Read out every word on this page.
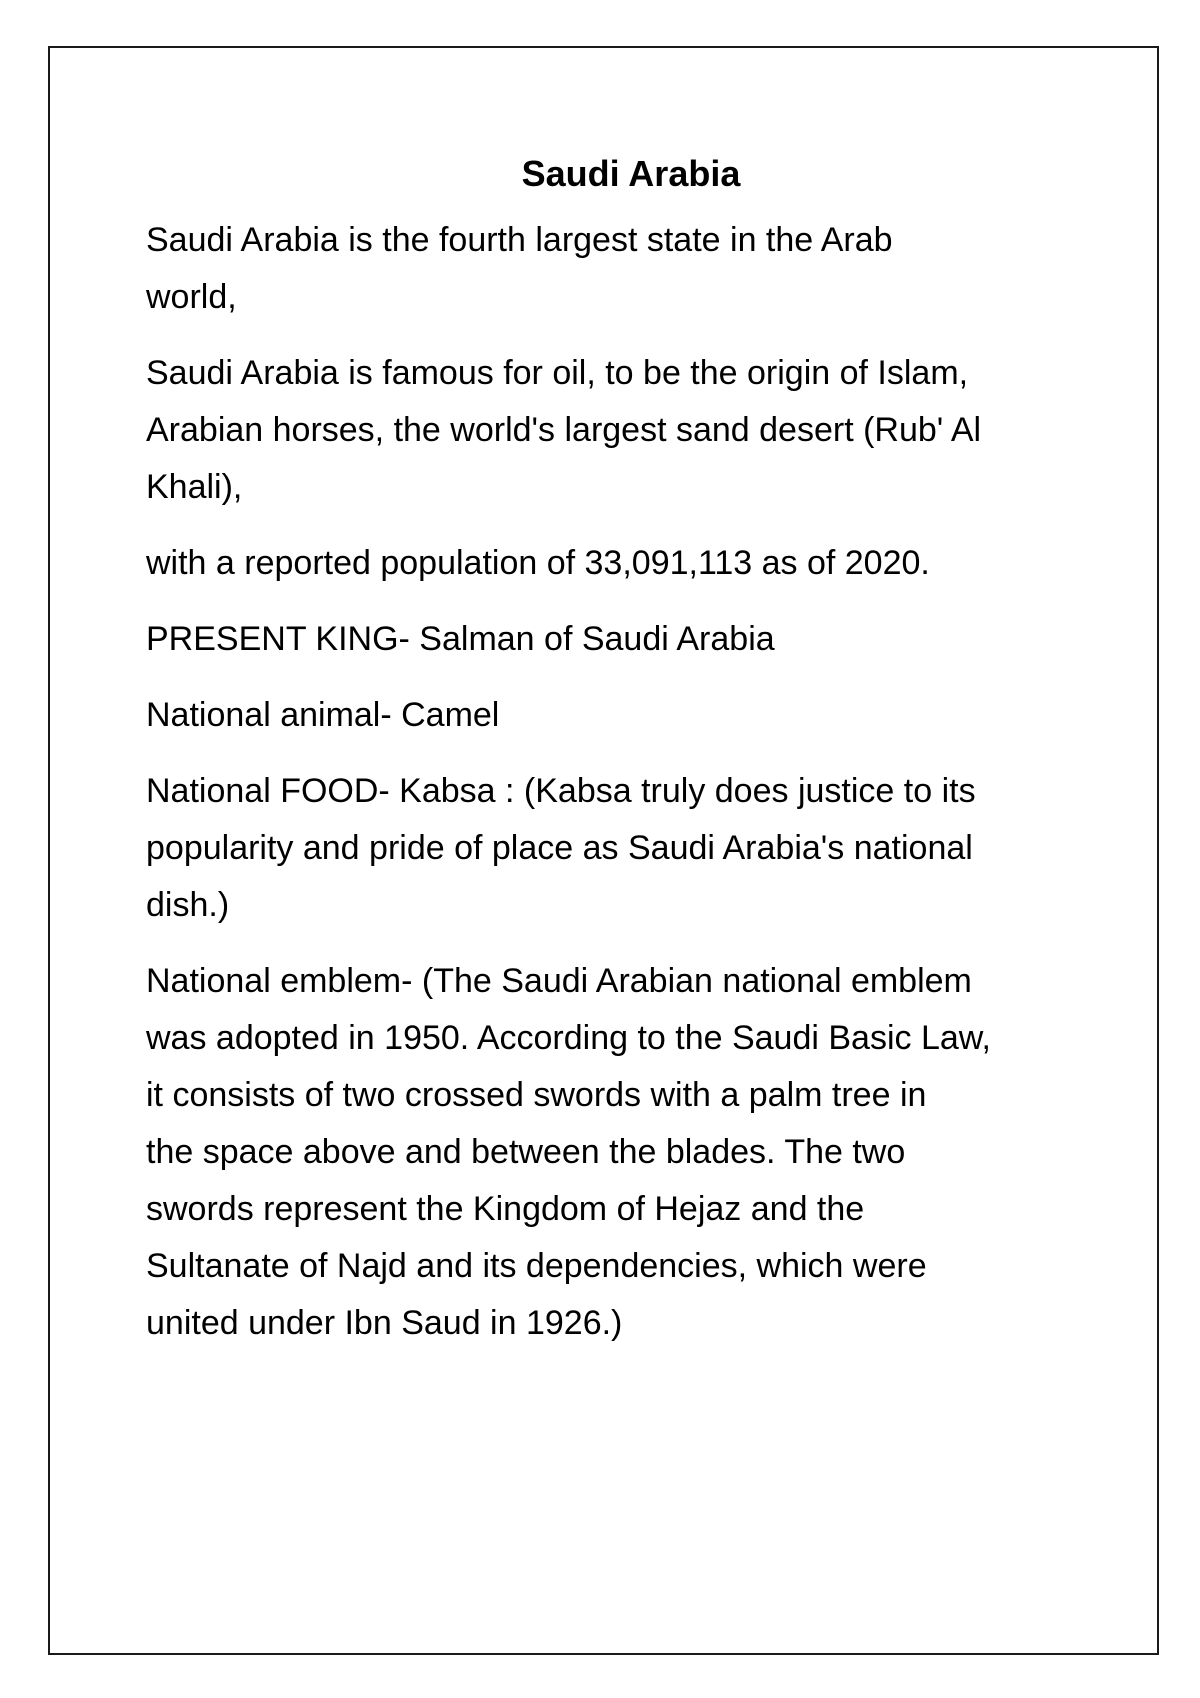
Saudi Arabia

Saudi Arabia is the fourth largest state in the Arab
world,

Saudi Arabia is famous for oil, to be the origin of Islam,
Arabian horses, the world's largest sand desert (Rub' Al
Khali),

with a reported population of 33,091,113 as of 2020.

PRESENT KING- Salman of Saudi Arabia

National animal- Camel

National FOOD- Kabsa : (Kabsa truly does justice to its
popularity and pride of place as Saudi Arabia's national
dish.)

National emblem- (The Saudi Arabian national emblem
was adopted in 1950. According to the Saudi Basic Law,
it consists of two crossed swords with a palm tree in
the space above and between the blades. The two
swords represent the Kingdom of Hejaz and the
Sultanate of Najd and its dependencies, which were
united under Ibn Saud in 1926.)
